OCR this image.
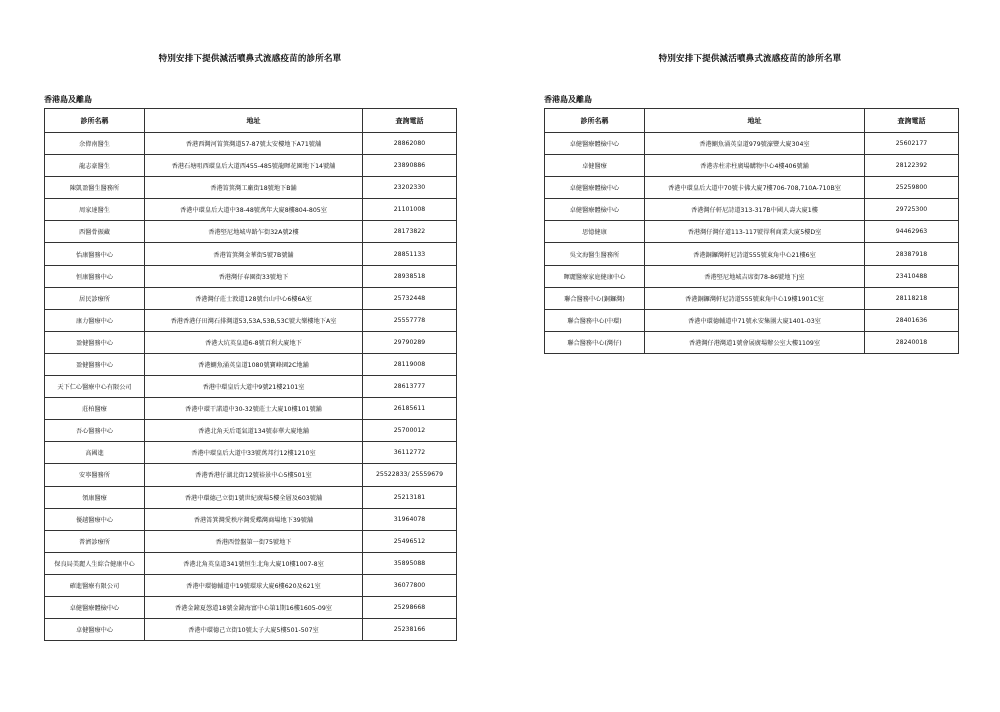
特別安排下提供減活噴鼻式流感疫苗的診所名單
香港島及離島
診所名稱	地址	查詢電話
余偉南醫生	香港西灣河筲箕灣道57-87號太安樓地下A71號舖	28862080
龍志豪醫生	香港石塘咀西環皇后大道西455-485號龍暉花園地下14號舖	23890886
陳凱盈醫生醫務所	香港筲箕灣工廠街18號地下B舖	23202330
周家達醫生	香港中環皇后大道中38-48號萬年大廈8樓804-805室	21101008
西醫骨振藏	香港堅尼地城卑路乍街32A號2樓	28173822
怡康醫務中心	香港筲箕灣金華街5號7B號舖	28851133
恒康醫務中心	香港灣仔春園街33號地下	28938518
居民診療所	香港灣仔莊士敦道128號台山中心6樓6A室	25732448
康力醫療中心	香港香港仔田灣石排灣道53,53A,53B,53C號大樂樓地下A室	25557778
盈健醫務中心	香港大坑英皇道6-8號百利大廈地下	29790289
盈健醫務中心	香港鰂魚涌英皇道1080號寶峰園2C地舖	28119008
天下仁心醫療中心有限公司	香港中環皇后大道中9號21樓2101室	28613777
莊柏醫療	香港中環干諾道中30-32號莊士大廈10樓101號舖	26185611
吾心醫務中心	香港北角天后電氣道134號泰華大廈地舖	25700012
高國進	香港中環皇后大道中33號萬邦行12樓1210室	36112772
安寧醫務所	香港香港仔湖北街12號裕景中心5樓501室	25522833/ 25559679
領康醫療	香港中環德己立街1號世紀廣場5樓全層及603號舖	25213181
優越醫療中心	香港筲箕灣愛秩序灣愛蝶灣商場地下39號舖	31964078
普濟診療所	香港西營盤第一街75號地下	25496512
保良局美麗人生綜合健康中心	香港北角英皇道341號恒生北角大廈10樓1007-8室	35895088
確進醫療有限公司	香港中環德輔道中19號環球大廈6樓620及621室	36077800
卓健醫療體檢中心	香港金鐘夏愨道18號金鐘海富中心第1期16樓1605-09室	25298668
卓健醫療中心	香港中環德己立街10號太子大廈5樓501-507室	25238166
特別安排下提供減活噴鼻式流感疫苗的診所名單
香港島及離島
診所名稱	地址	查詢電話
卓健醫療體檢中心	香港鰂魚涌英皇道979號濠豐大廈304室	25602177
卓健醫療	香港赤柱赤柱廣場購物中心4樓406號舖	28122392
卓健醫療體檢中心	香港中環皇后大道中70號卡佛大廈7樓706-708,710A-710B室	25259800
卓健醫療體檢中心	香港灣仔軒尼詩道313-317B中國人壽大廈1樓	29725300
思憶健康	香港灣仔灣仔道113-117號得利商業大廈5樓D室	94462963
吳文海醫生醫務所	香港銅鑼灣軒尼詩道555號東角中心21樓6室	28387918
暉麗醫療家庭健康中心	香港堅尼地城吉席街78-86號地下J室	23410488
聯合醫務中心(銅鑼灣)	香港銅鑼灣軒尼詩道555號東角中心19樓1901C室	28118218
聯合醫務中心(中環)	香港中環德輔道中71號永安集團大廈1401-03室	28401636
聯合醫務中心(灣仔)	香港灣仔港灣道1號會展廣場辦公室大樓1109室	28240018
